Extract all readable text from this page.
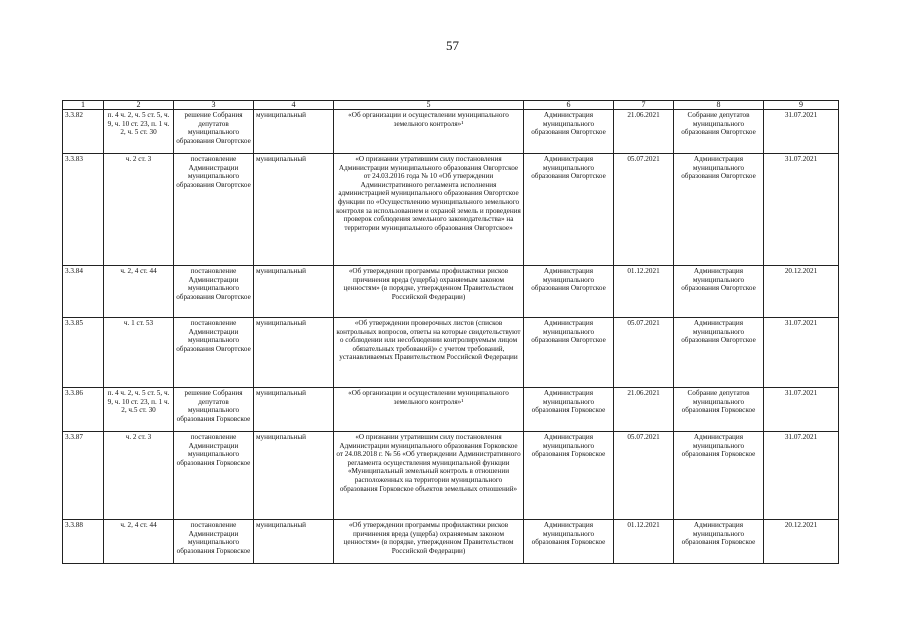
57
1	2	3	4	5	6	7	8	9
3.3.82	п. 4 ч. 2, ч. 5 ст. 5, ч. 9, ч. 10 ст. 23, п. 1 ч. 2, ч. 5 ст. 30	решение Собрания депутатов муниципального образования Овгортское	муниципальный	«Об организации и осуществлении муниципального земельного контроля»¹	Администрация муниципального образования Овгортское	21.06.2021	Собрание депутатов муниципального образования Овгортское	31.07.2021
3.3.83	ч. 2 ст. 3	постановление Администрации муниципального образования Овгортское	муниципальный	«О признании утратившим силу постановления Администрации муниципального образования Овгортское от 24.03.2016 года № 10 «Об утверждении Административного регламента исполнения администрацией муниципального образования Овгортское функции по «Осуществлению муниципального земельного контроля за использованием и охраной земель и проведения проверок соблюдения земельного законодательства» на территории муниципального образования Овгортское»	Администрация муниципального образования Овгортское	05.07.2021	Администрация муниципального образования Овгортское	31.07.2021
3.3.84	ч. 2, 4 ст. 44	постановление Администрации муниципального образования Овгортское	муниципальный	«Об утверждении программы профилактики рисков причинения вреда (ущерба) охраняемым законом ценностям» (в порядке, утвержденном Правительством Российской Федерации)	Администрация муниципального образования Овгортское	01.12.2021	Администрация муниципального образования Овгортское	20.12.2021
3.3.85	ч. 1 ст. 53	постановление Администрации муниципального образования Овгортское	муниципальный	«Об утверждении проверочных листов (списков контрольных вопросов, ответы на которые свидетельствуют о соблюдении или несоблюдении контролируемым лицом обязательных требований)» с учетом требований, устанавливаемых Правительством Российской Федерации	Администрация муниципального образования Овгортское	05.07.2021	Администрация муниципального образования Овгортское	31.07.2021
3.3.86	п. 4 ч. 2, ч. 5 ст. 5, ч. 9, ч. 10 ст. 23, п. 1 ч. 2, ч.5 ст. 30	решение Собрания депутатов муниципального образования Горковское	муниципальный	«Об организации и осуществлении муниципального земельного контроля»¹	Администрация муниципального образования Горковское	21.06.2021	Собрание депутатов муниципального образования Горковское	31.07.2021
3.3.87	ч. 2 ст. 3	постановление Администрации муниципального образования Горковское	муниципальный	«О признании утратившим силу постановления Администрации муниципального образования Горковское от 24.08.2018 г. № 56 «Об утверждении Административного регламента осуществления муниципальной функции «Муниципальный земельный контроль в отношении расположенных на территории муниципального образования Горковское объектов земельных отношений»	Администрация муниципального образования Горковское	05.07.2021	Администрация муниципального образования Горковское	31.07.2021
3.3.88	ч. 2, 4 ст. 44	постановление Администрации муниципального образования Горковское	муниципальный	«Об утверждении программы профилактики рисков причинения вреда (ущерба) охраняемым законом ценностям» (в порядке, утвержденном Правительством Российской Федерации)	Администрация муниципального образования Горковское	01.12.2021	Администрация муниципального образования Горковское	20.12.2021
